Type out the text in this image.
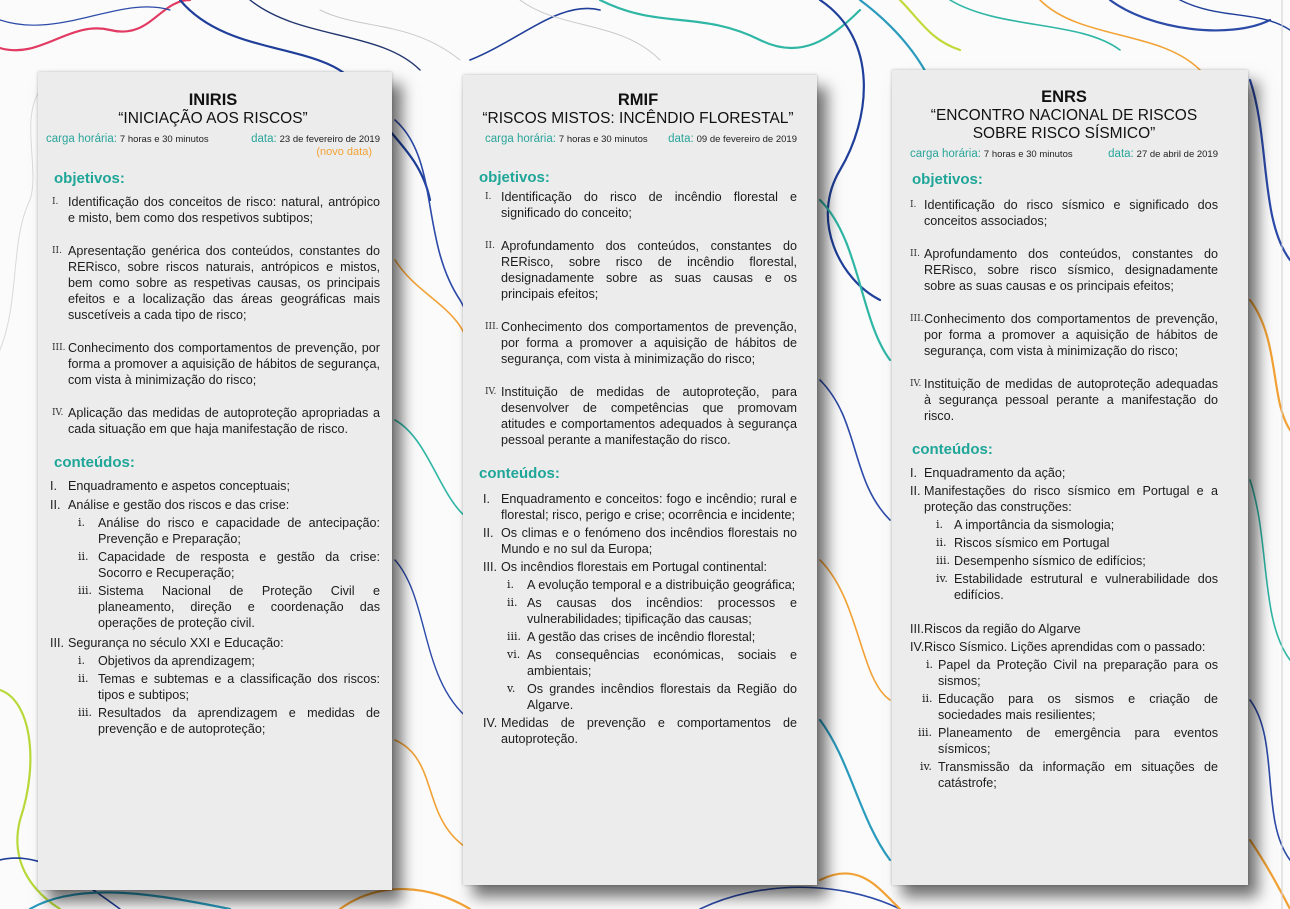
INIRIS
“INICIAÇÃO AOS RISCOS”
carga horária: 7 horas e 30 minutos	data: 23 de fevereiro de 2019
(novo data)
objetivos:
I. Identificação dos conceitos de risco: natural, antrópico e misto, bem como dos respetivos subtipos;
II. Apresentação genérica dos conteúdos, constantes do RERisco, sobre riscos naturais, antrópicos e mistos, bem como sobre as respetivas causas, os principais efeitos e a localização das áreas geográficas mais suscetíveis a cada tipo de risco;
III. Conhecimento dos comportamentos de prevenção, por forma a promover a aquisição de hábitos de segurança, com vista à minimização do risco;
IV. Aplicação das medidas de autoproteção apropriadas a cada situação em que haja manifestação de risco.
conteúdos:
I. Enquadramento e aspetos conceptuais;
II. Análise e gestão dos riscos e das crise:
i. Análise do risco e capacidade de antecipação: Prevenção e Preparação;
ii. Capacidade de resposta e gestão da crise: Socorro e Recuperação;
iii. Sistema Nacional de Proteção Civil e planeamento, direção e coordenação das operações de proteção civil.
III. Segurança no século XXI e Educação:
i. Objetivos da aprendizagem;
ii. Temas e subtemas e a classificação dos riscos: tipos e subtipos;
iii. Resultados da aprendizagem e medidas de prevenção e de autoproteção;
RMIF
“RISCOS MISTOS: INCÊNDIO FLORESTAL”
carga horária: 7 horas e 30 minutos data: 09 de fevereiro de 2019
objetivos:
I. Identificação do risco de incêndio florestal e significado do conceito;
II. Aprofundamento dos conteúdos, constantes do RERisco, sobre risco de incêndio florestal, designadamente sobre as suas causas e os principais efeitos;
III. Conhecimento dos comportamentos de prevenção, por forma a promover a aquisição de hábitos de segurança, com vista à minimização do risco;
IV. Instituição de medidas de autoproteção, para desenvolver de competências que promovam atitudes e comportamentos adequados à segurança pessoal perante a manifestação do risco.
conteúdos:
I. Enquadramento e conceitos: fogo e incêndio; rural e florestal; risco, perigo e crise; ocorrência e incidente;
II. Os climas e o fenómeno dos incêndios florestais no Mundo e no sul da Europa;
III. Os incêndios florestais em Portugal continental:
i. A evolução temporal e a distribuição geográfica;
ii. As causas dos incêndios: processos e vulnerabilidades; tipificação das causas;
iii. A gestão das crises de incêndio florestal;
vi. As consequências económicas, sociais e ambientais;
v. Os grandes incêndios florestais da Região do Algarve.
IV. Medidas de prevenção e comportamentos de autoproteção.
ENRS
“ENCONTRO NACIONAL DE RISCOS SOBRE RISCO SÍSMICO”
carga horária: 7 horas e 30 minutos	data: 27 de abril de 2019
objetivos:
I. Identificação do risco sísmico e significado dos conceitos associados;
II. Aprofundamento dos conteúdos, constantes do RERisco, sobre risco sísmico, designadamente sobre as suas causas e os principais efeitos;
III. Conhecimento dos comportamentos de prevenção, por forma a promover a aquisição de hábitos de segurança, com vista à minimização do risco;
IV. Instituição de medidas de autoproteção adequadas à segurança pessoal perante a manifestação do risco.
conteúdos:
I. Enquadramento da ação;
II. Manifestações do risco sísmico em Portugal e a proteção das construções:
i. A importância da sismologia;
ii. Riscos sísmico em Portugal
iii. Desempenho sísmico de edifícios;
iv. Estabilidade estrutural e vulnerabilidade dos edifícios.
III. Riscos da região do Algarve
IV. Risco Sísmico. Lições aprendidas com o passado:
i. Papel da Proteção Civil na preparação para os sismos;
ii. Educação para os sismos e criação de sociedades mais resilientes;
iii. Planeamento de emergência para eventos sísmicos;
iv. Transmissão da informação em situações de catástrofe;
